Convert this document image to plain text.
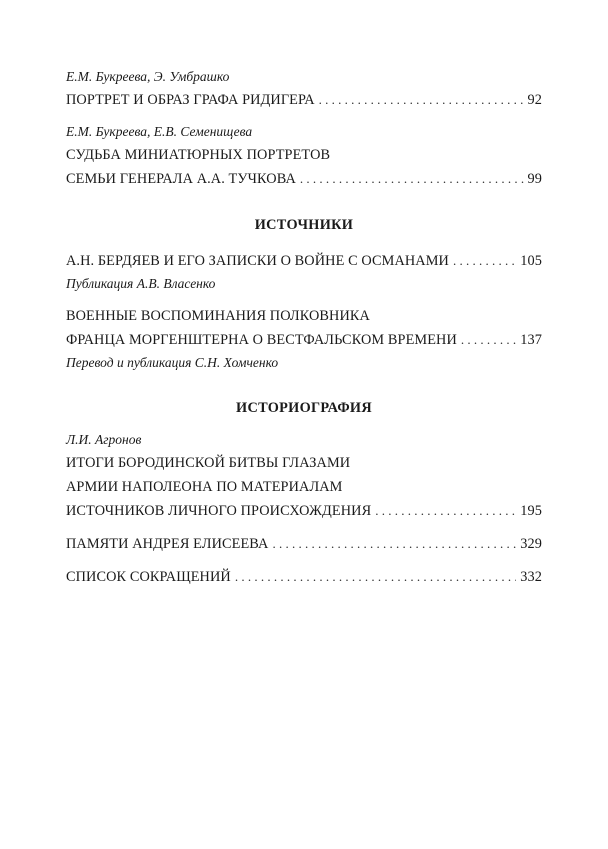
Е.М. Букреева, Э. Умбрашко
ПОРТРЕТ И ОБРАЗ ГРАФА РИДИГЕРА . . .	92
Е.М. Букреева, Е.В. Семенищева
СУДЬБА МИНИАТЮРНЫХ ПОРТРЕТОВ
СЕМЬИ ГЕНЕРАЛА А.А. ТУЧКОВА . . .	99
ИСТОЧНИКИ
А.Н. БЕРДЯЕВ И ЕГО ЗАПИСКИ О ВОЙНЕ С ОСМАНАМИ . . .	105
Публикация А.В. Власенко
ВОЕННЫЕ ВОСПОМИНАНИЯ ПОЛКОВНИКА
ФРАНЦА МОРГЕНШТЕРНА О ВЕСТФАЛЬСКОМ ВРЕМЕНИ . . .	137
Перевод и публикация С.Н. Хомченко
ИСТОРИОГРАФИЯ
Л.И. Агронов
ИТОГИ БОРОДИНСКОЙ БИТВЫ ГЛАЗАМИ
АРМИИ НАПОЛЕОНА ПО МАТЕРИАЛАМ
ИСТОЧНИКОВ ЛИЧНОГО ПРОИСХОЖДЕНИЯ . . .	195
ПАМЯТИ АНДРЕЯ ЕЛИСЕЕВА . . .	329
СПИСОК СОКРАЩЕНИЙ . . .	332
